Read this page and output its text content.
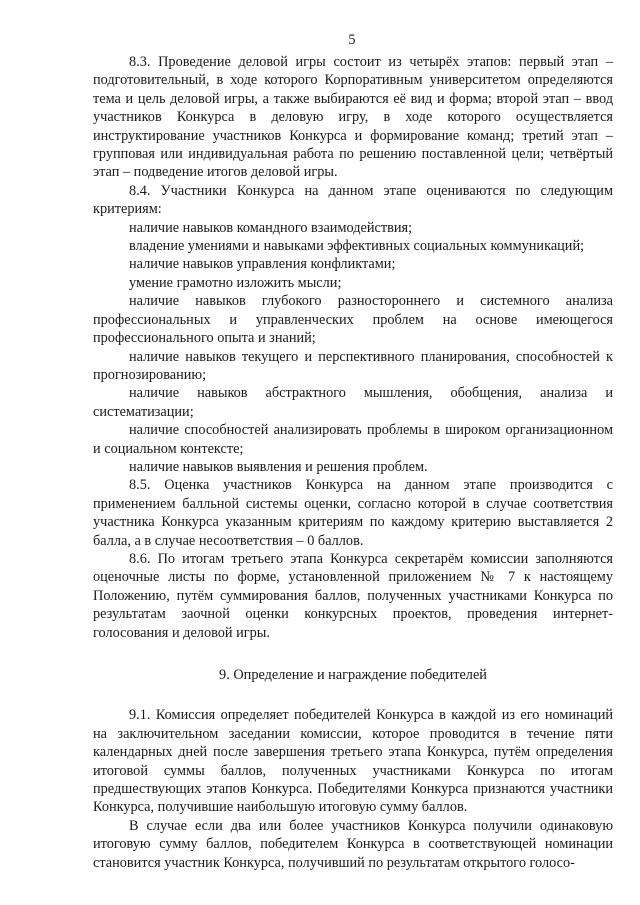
5

8.3. Проведение деловой игры состоит из четырёх этапов: первый этап – подготовительный, в ходе которого Корпоративным университетом определяются тема и цель деловой игры, а также выбираются её вид и форма; второй этап – ввод участников Конкурса в деловую игру, в ходе которого осуществляется инструктирование участников Конкурса и формирование команд; третий этап – групповая или индивидуальная работа по решению поставленной цели; четвёртый этап – подведение итогов деловой игры.

8.4. Участники Конкурса на данном этапе оцениваются по следующим критериям:

наличие навыков командного взаимодействия;

владение умениями и навыками эффективных социальных коммуникаций;

наличие навыков управления конфликтами;

умение грамотно изложить мысли;

наличие навыков глубокого разностороннего и системного анализа профессиональных и управленческих проблем на основе имеющегося профессионального опыта и знаний;

наличие навыков текущего и перспективного планирования, способностей к прогнозированию;

наличие навыков абстрактного мышления, обобщения, анализа и систематизации;

наличие способностей анализировать проблемы в широком организационном и социальном контексте;

наличие навыков выявления и решения проблем.

8.5. Оценка участников Конкурса на данном этапе производится с применением балльной системы оценки, согласно которой в случае соответствия участника Конкурса указанным критериям по каждому критерию выставляется 2 балла, а в случае несоответствия – 0 баллов.

8.6. По итогам третьего этапа Конкурса секретарём комиссии заполняются оценочные листы по форме, установленной приложением № 7 к настоящему Положению, путём суммирования баллов, полученных участниками Конкурса по результатам заочной оценки конкурсных проектов, проведения интернет-голосования и деловой игры.

9. Определение и награждение победителей

9.1. Комиссия определяет победителей Конкурса в каждой из его номинаций на заключительном заседании комиссии, которое проводится в течение пяти календарных дней после завершения третьего этапа Конкурса, путём определения итоговой суммы баллов, полученных участниками Конкурса по итогам предшествующих этапов Конкурса. Победителями Конкурса признаются участники Конкурса, получившие наибольшую итоговую сумму баллов.

В случае если два или более участников Конкурса получили одинаковую итоговую сумму баллов, победителем Конкурса в соответствующей номинации становится участник Конкурса, получивший по результатам открытого голосо-
